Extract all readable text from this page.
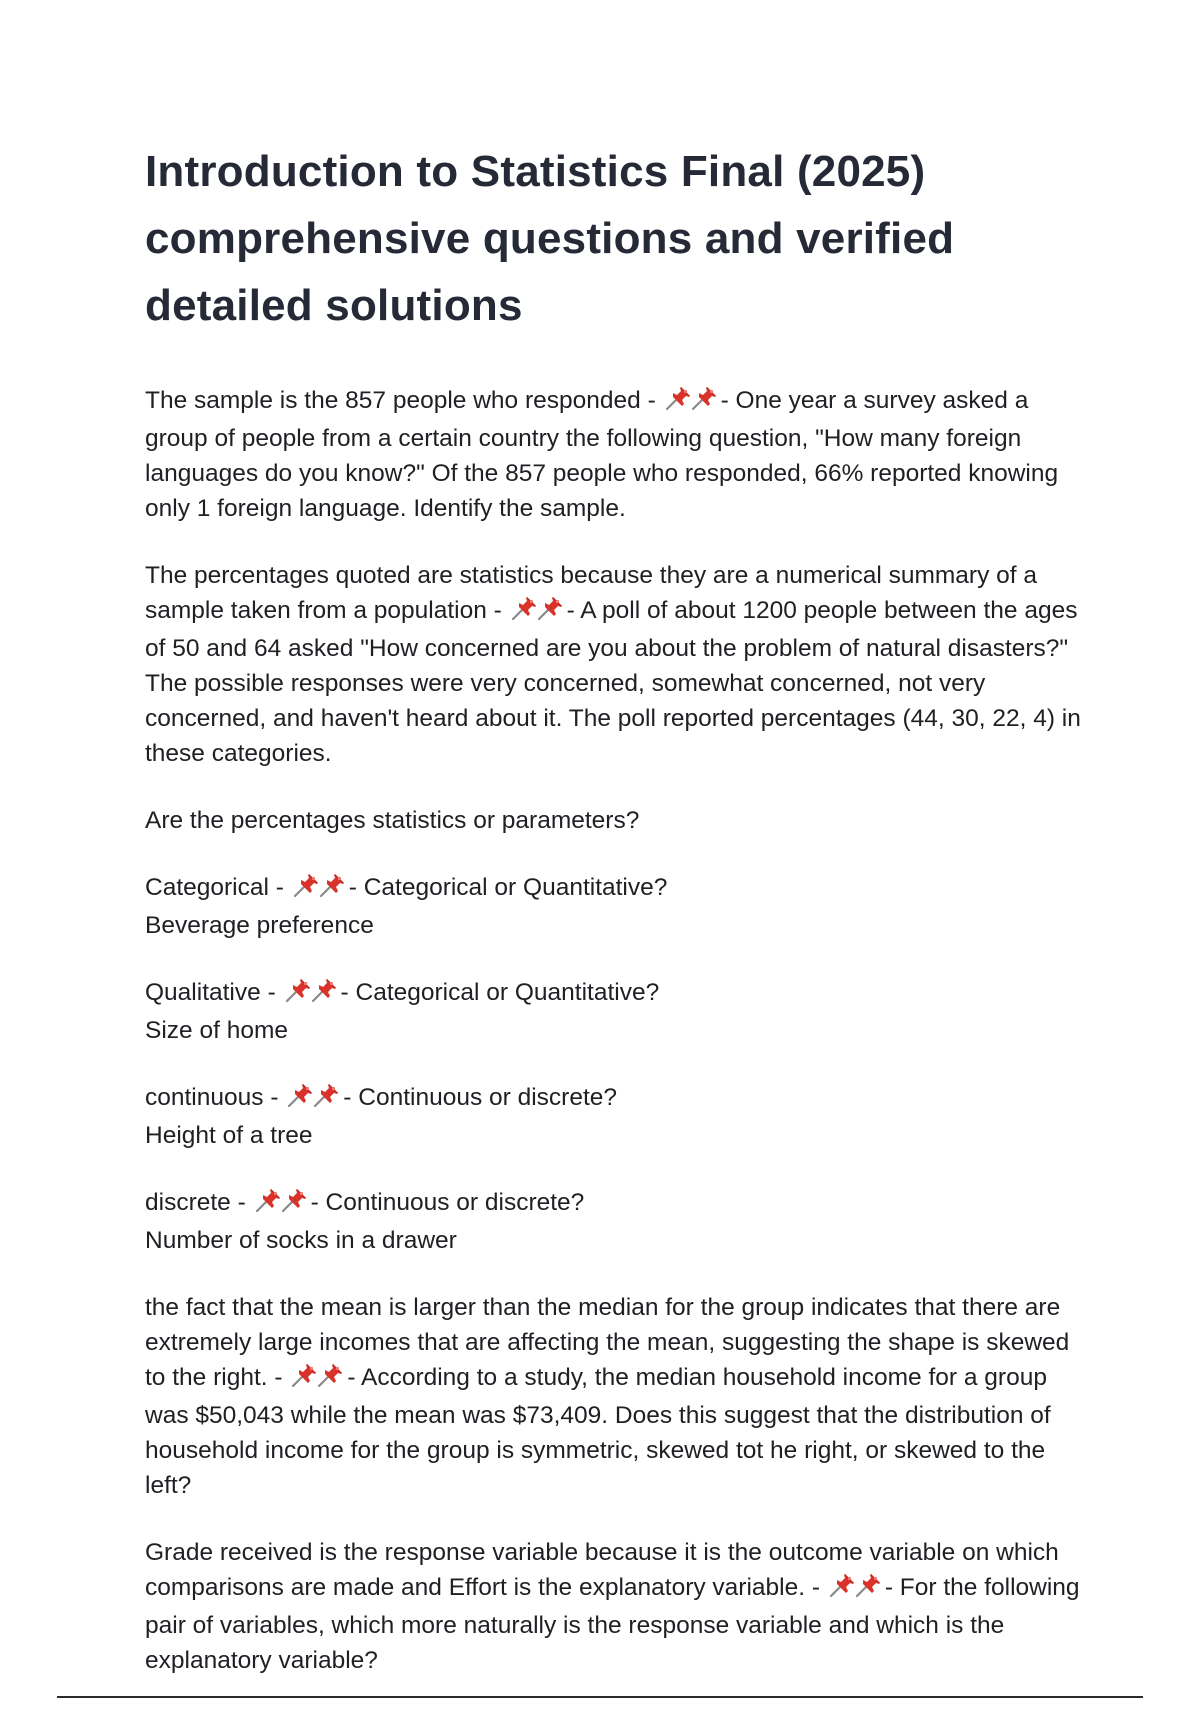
Introduction to Statistics Final (2025) comprehensive questions and verified detailed solutions

The sample is the 857 people who responded - - One year a survey asked a group of people from a certain country the following question, "How many foreign languages do you know?" Of the 857 people who responded, 66% reported knowing only 1 foreign language. Identify the sample.

The percentages quoted are statistics because they are a numerical summary of a sample taken from a population - - A poll of about 1200 people between the ages of 50 and 64 asked "How concerned are you about the problem of natural disasters?" The possible responses were very concerned, somewhat concerned, not very concerned, and haven't heard about it. The poll reported percentages (44, 30, 22, 4) in these categories.

Are the percentages statistics or parameters?

Categorical - - Categorical or Quantitative?
Beverage preference

Qualitative - - Categorical or Quantitative?
Size of home

continuous - - Continuous or discrete?
Height of a tree

discrete - - Continuous or discrete?
Number of socks in a drawer

the fact that the mean is larger than the median for the group indicates that there are extremely large incomes that are affecting the mean, suggesting the shape is skewed to the right. - - According to a study, the median household income for a group was $50,043 while the mean was $73,409. Does this suggest that the distribution of household income for the group is symmetric, skewed tot he right, or skewed to the left?

Grade received is the response variable because it is the outcome variable on which comparisons are made and Effort is the explanatory variable. - - For the following pair of variables, which more naturally is the response variable and which is the explanatory variable?
